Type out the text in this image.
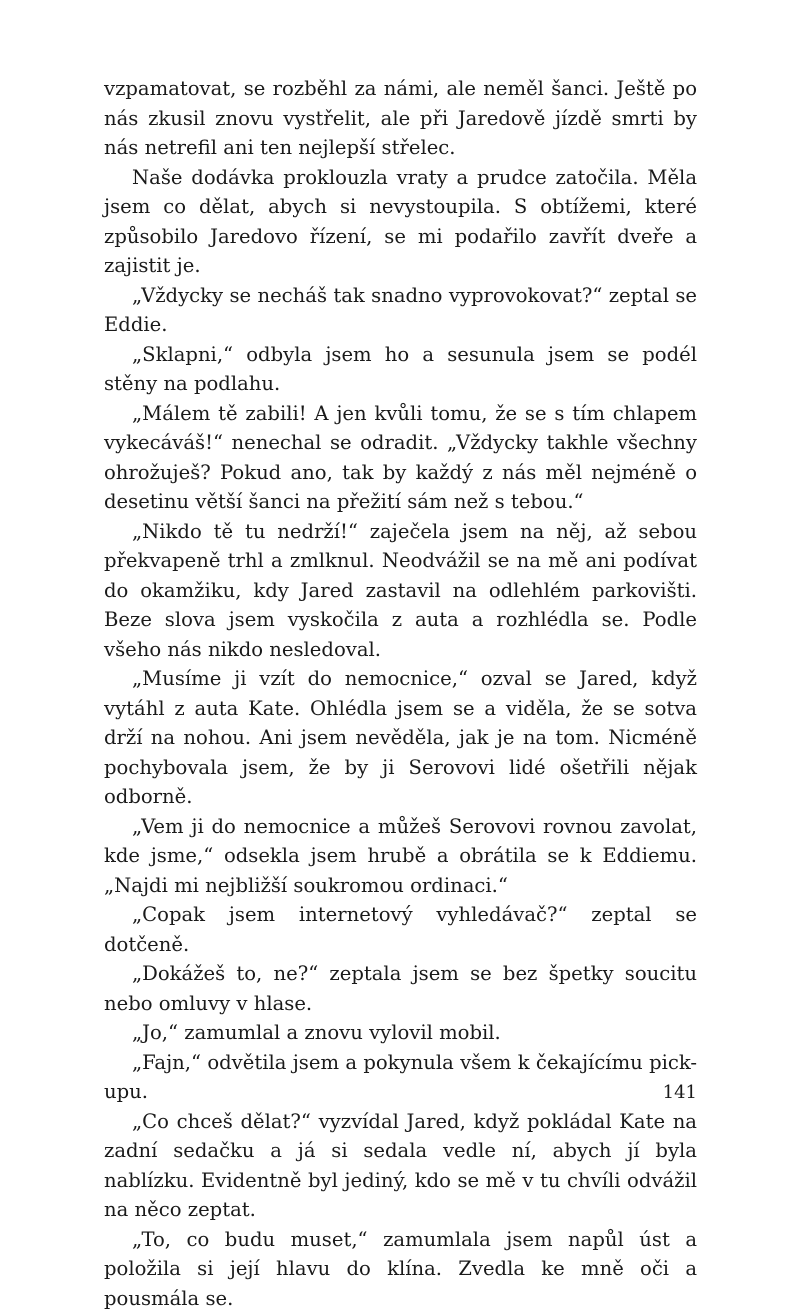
vzpamatovat, se rozběhl za námi, ale neměl šanci. Ještě po nás zkusil znovu vystřelit, ale při Jaredově jízdě smrti by nás netrefil ani ten nejlepší střelec.

Naše dodávka proklouzla vraty a prudce zatočila. Měla jsem co dělat, abych si nevystoupila. S obtížemi, které způsobilo Jaredovo řízení, se mi podařilo zavřít dveře a zajistit je.

„Vždycky se necháš tak snadno vyprovokovat?“ zeptal se Eddie.

„Sklapni,“ odbyla jsem ho a sesunula jsem se podél stěny na podlahu.

„Málem tě zabili! A jen kvůli tomu, že se s tím chlapem vykecáváš!“ nenechal se odradit. „Vždycky takhle všechny ohrožuješ? Pokud ano, tak by každý z nás měl nejméně o desetinu větší šanci na přežití sám než s tebou.“

„Nikdo tě tu nedrží!“ zaječela jsem na něj, až sebou překvapeně trhl a zmlknul. Neodvážil se na mě ani podívat do okamžiku, kdy Jared zastavil na odlehlém parkovišti. Beze slova jsem vyskočila z auta a rozhlédla se. Podle všeho nás nikdo nesledoval.

„Musíme ji vzít do nemocnice,“ ozval se Jared, když vytáhl z auta Kate. Ohlédla jsem se a viděla, že se sotva drží na nohou. Ani jsem nevěděla, jak je na tom. Nicméně pochybovala jsem, že by ji Serovovi lidé ošetřili nějak odborně.

„Vem ji do nemocnice a můžeš Serovovi rovnou zavolat, kde jsme,“ odsekla jsem hrubě a obrátila se k Eddiemu. „Najdi mi nejbližší soukromou ordinaci.“

„Copak jsem internetový vyhledávač?“ zeptal se dotčeně.

„Dokážeš to, ne?“ zeptala jsem se bez špetky soucitu nebo omluvy v hlase.

„Jo,“ zamumlal a znovu vylovil mobil.

„Fajn,“ odvětila jsem a pokynula všem k čekajícímu pick-upu.

„Co chceš dělat?“ vyzvídal Jared, když pokládal Kate na zadní sedačku a já si sedala vedle ní, abych jí byla nablízku. Evidentně byl jediný, kdo se mě v tu chvíli odvážil na něco zeptat.

„To, co budu muset,“ zamumlala jsem napůl úst a položila si její hlavu do klína. Zvedla ke mně oči a pousmála se.

141
